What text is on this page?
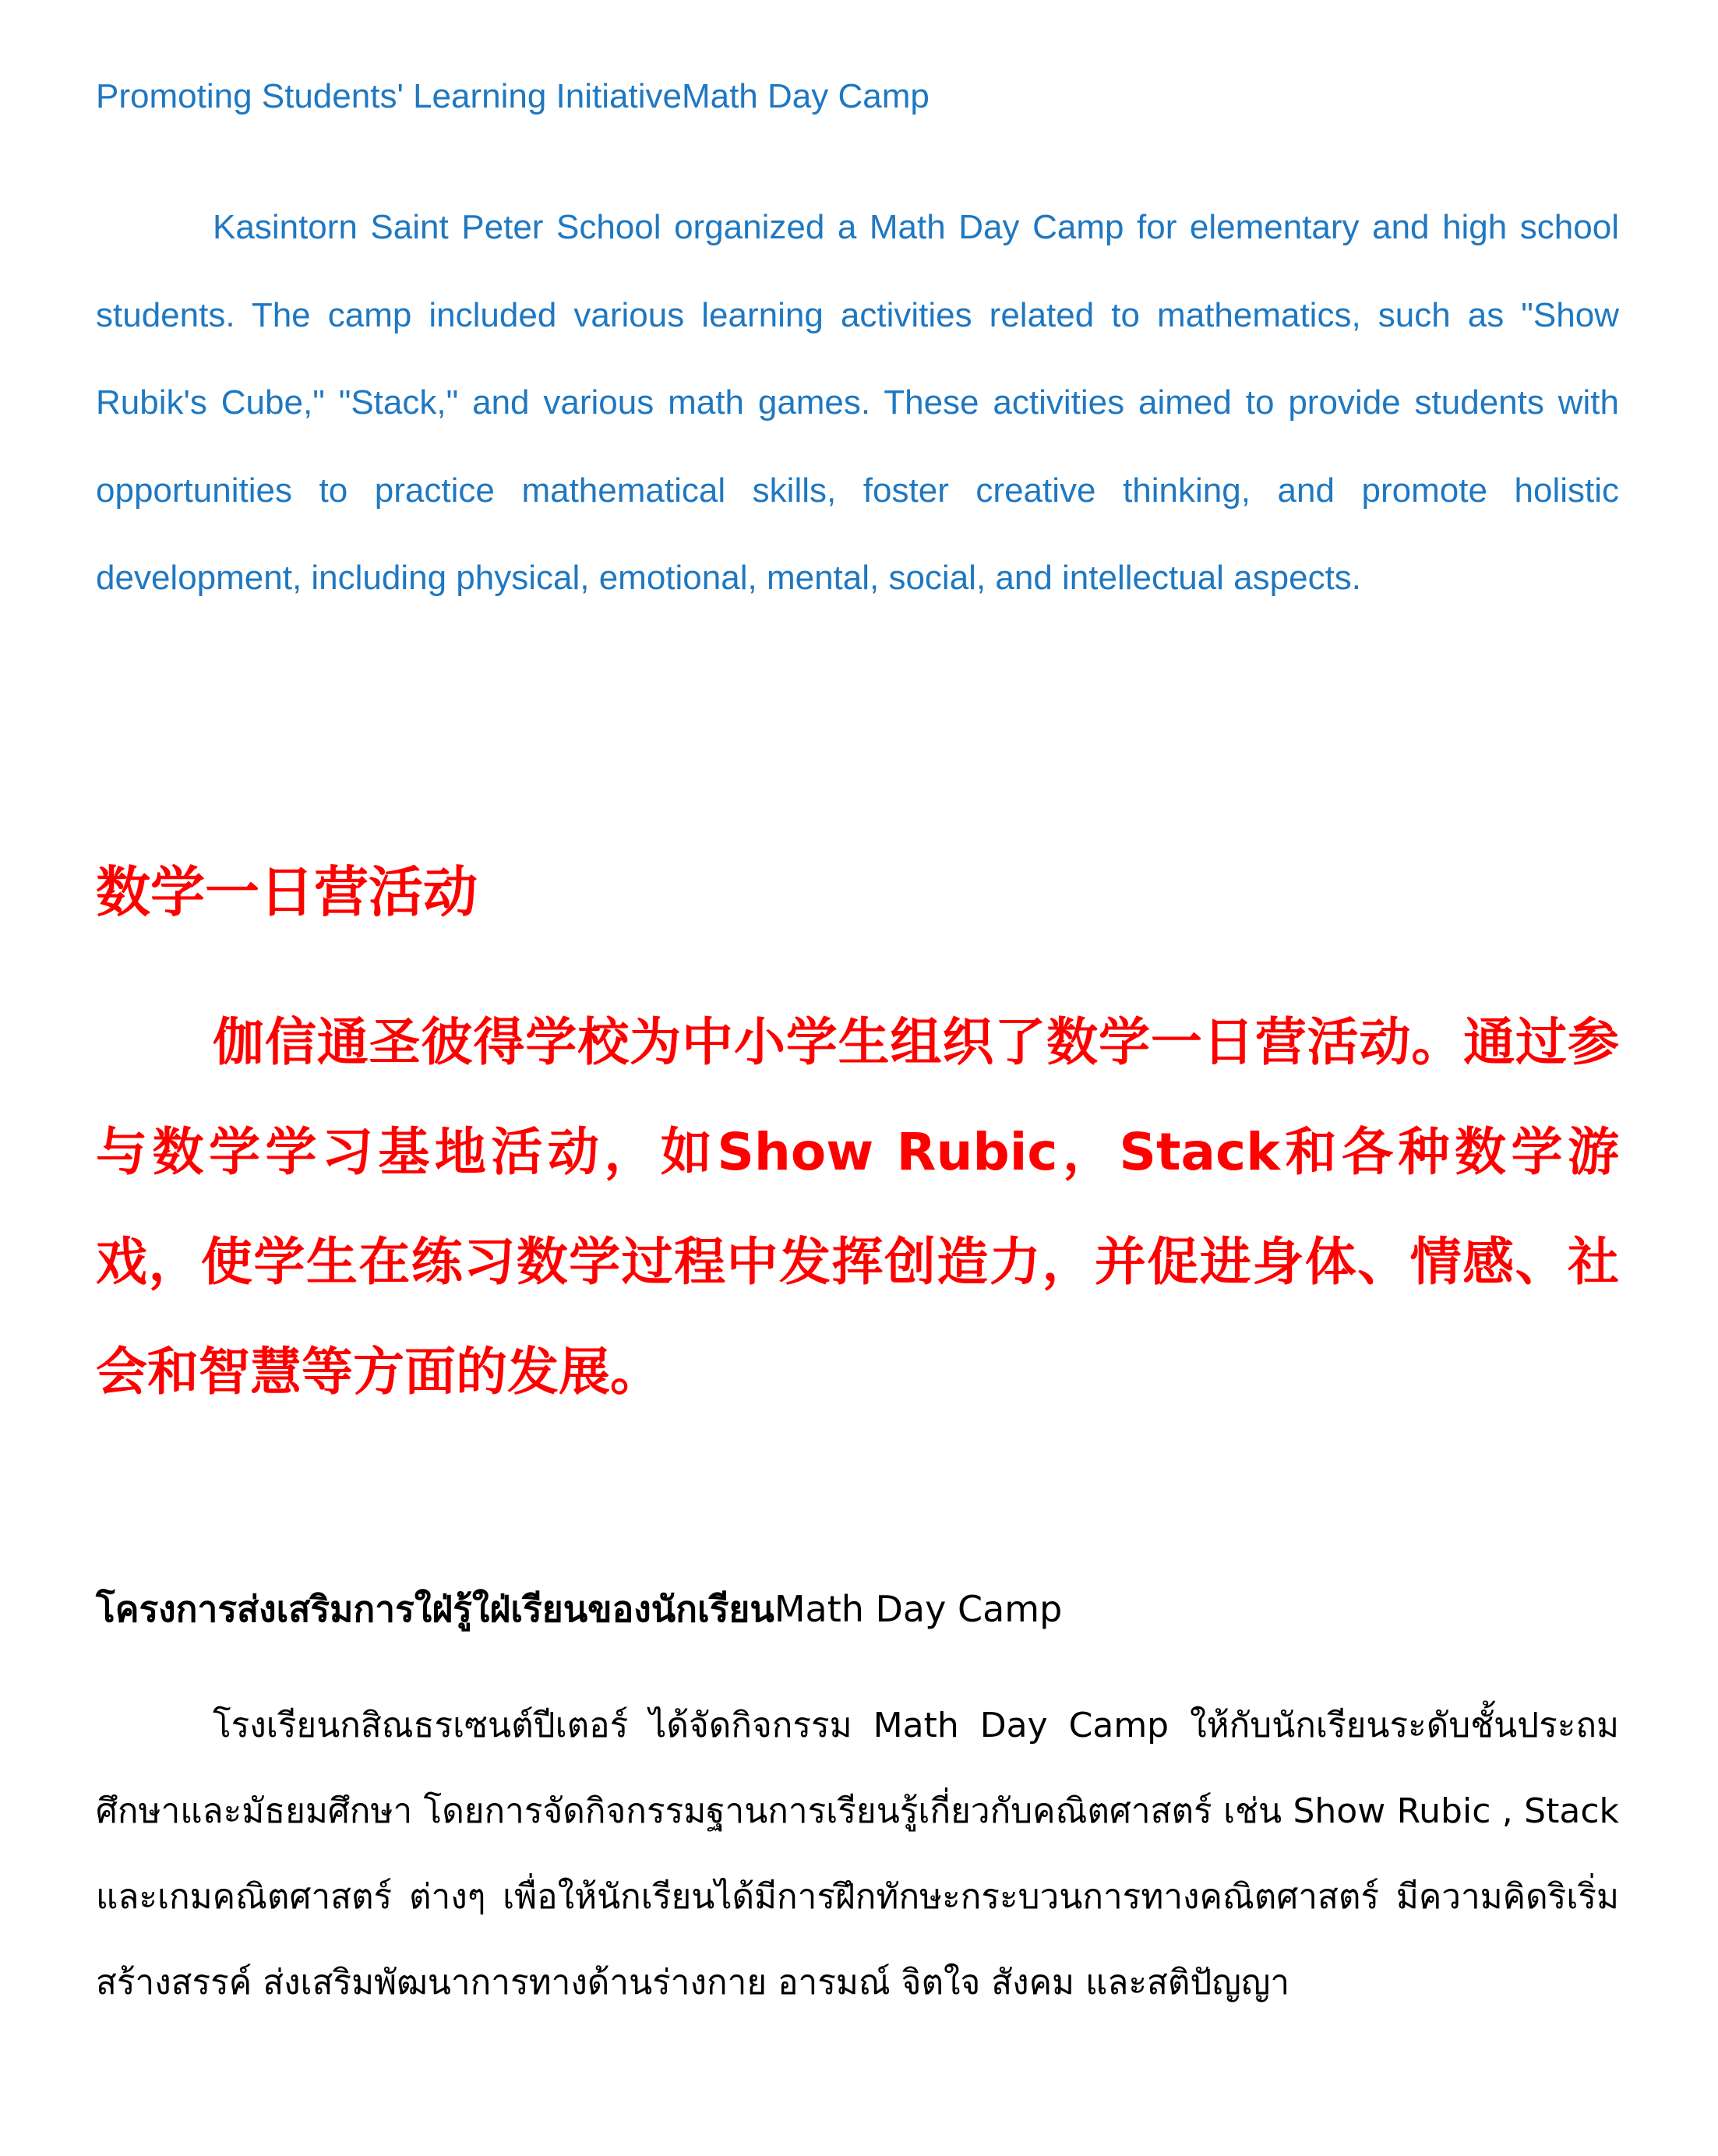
Promoting Students' Learning InitiativeMath Day Camp
Kasintorn Saint Peter School organized a Math Day Camp for elementary and high school students. The camp included various learning activities related to mathematics, such as "Show Rubik's Cube," "Stack," and various math games. These activities aimed to provide students with opportunities to practice mathematical skills, foster creative thinking, and promote holistic development, including physical, emotional, mental, social, and intellectual aspects.
数学一日营活动
伽信通圣彼得学校为中小学生组织了数学一日营活动。通过参与数学学习基地活动，如Show Rubic，Stack和各种数学游戏，使学生在练习数学过程中发挥创造力，并促进身体、情感、社会和智慧等方面的发展。
โครงการส่งเสริมการใฝ่รู้ใฝ่เรียนของนักเรียนMath Day Camp
โรงเรียนกสิณธรเซนต์ปีเตอร์ ได้จัดกิจกรรม Math Day Camp ให้กับนักเรียนระดับชั้นประถมศึกษาและมัธยมศึกษา โดยการจัดกิจกรรมฐานการเรียนรู้เกี่ยวกับคณิตศาสตร์ เช่น Show Rubic , Stack และเกมคณิตศาสตร์ ต่างๆ เพื่อให้นักเรียนได้มีการฝึกทักษะกระบวนการทางคณิตศาสตร์ มีความคิดริเริ่มสร้างสรรค์ ส่งเสริมพัฒนาการทางด้านร่างกาย อารมณ์ จิตใจ สังคม และสติปัญญา
